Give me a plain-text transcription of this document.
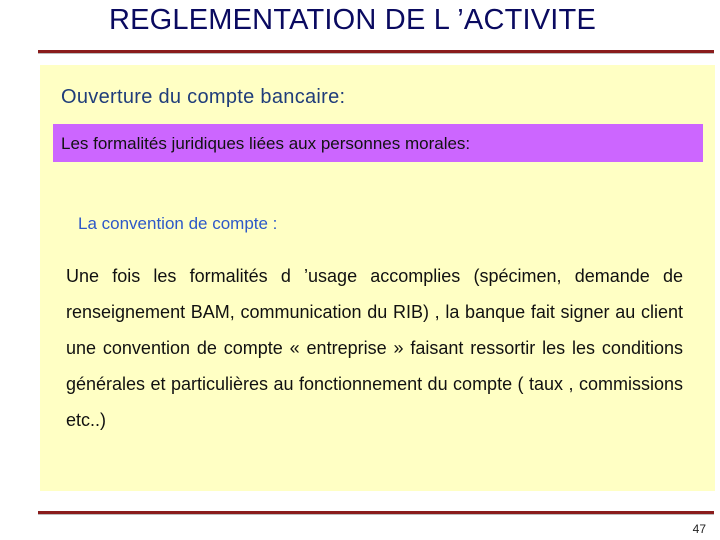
REGLEMENTATION DE L ’ACTIVITE
Ouverture du compte bancaire:
Les formalités juridiques liées aux personnes morales:
La convention de compte :
Une fois les formalités d ’usage accomplies (spécimen, demande de renseignement BAM, communication du RIB) , la banque fait signer au client une convention de compte « entreprise » faisant ressortir les les conditions générales et particulières au fonctionnement du compte ( taux , commissions etc..)
47
